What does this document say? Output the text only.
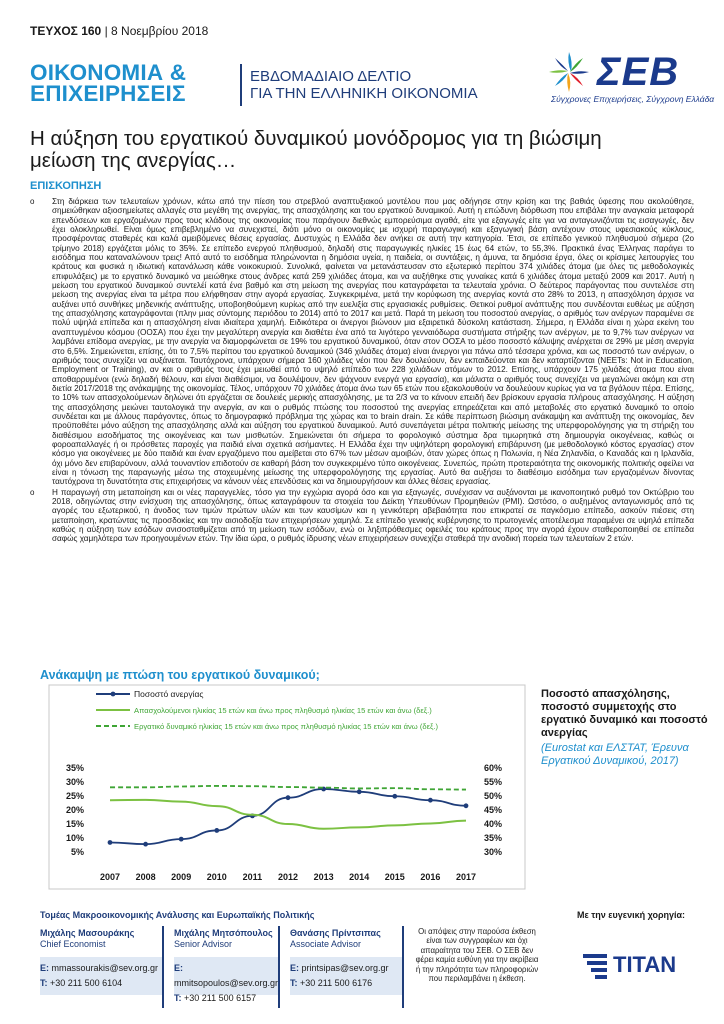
ΤΕΥΧΟΣ 160 | 8 Νοεμβρίου 2018
ΟΙΚΟΝΟΜΙΑ &
ΕΠΙΧΕΙΡΗΣΕΙΣ
ΕΒΔΟΜΑΔΙΑΙΟ ΔΕΛΤΙΟ
ΓΙΑ ΤΗΝ ΕΛΛΗΝΙΚΗ ΟΙΚΟΝΟΜΙΑ	ΣΕΒ
Σύγχρονες Επιχειρήσεις, Σύγχρονη Ελλάδα
Η αύξηση του εργατικού δυναμικού μονόδρομος για τη βιώσιμη
μείωση της ανεργίας…
ΕΠΙΣΚΟΠΗΣΗ
o Στη διάρκεια των τελευταίων χρόνων, κάτω από την πίεση του στρεβλού αναπτυξιακού μοντέλου που μας οδήγησε στην κρίση και της βαθιάς ύφεσης που ακολούθησε, σημειώθηκαν αξιοσημείωτες αλλαγές στα μεγέθη της ανεργίας, της απασχόλησης και του εργατικού δυναμικού. Αυτή η επώδυνη διόρθωση που επιβάλει την αναγκαία μεταφορά επενδύσεων και εργαζομένων προς τους κλάδους της οικονομίας που παράγουν διεθνώς εμπορεύσιμα αγαθά, είτε για εξαγωγές είτε για να ανταγωνιζόνται τις εισαγωγές, δεν έχει ολοκληρωθεί. Είναι όμως επιβεβλημένο να συνεχιστεί, διότι μόνο οι οικονομίες με ισχυρή παραγωγική και εξαγωγική βάση αντέχουν στους υφεσιακούς κύκλους, προσφέροντας σταθερές και καλά αμειβόμενες θέσεις εργασίας. Δυστυχώς η Ελλάδα δεν ανήκει σε αυτή την κατηγορία. Έτσι, σε επίπεδο γενικού πληθυσμού σήμερα (2ο τρίμηνο 2018) εργάζεται μόλις το 35%. Σε επίπεδο ενεργού πληθυσμού, δηλαδή στις παραγωγικές ηλικίες 15 έως 64 ετών, το 55,3%. Πρακτικά ένας Έλληνας παράγει το εισόδημα που καταναλώνουν τρεις! Από αυτό το εισόδημα πληρώνονται η δημόσια υγεία, η παιδεία, οι συντάξεις, η άμυνα, τα δημόσια έργα, όλες οι κρίσιμες λειτουργίες του κράτους και φυσικά η ιδιωτική κατανάλωση κάθε νοικοκυριού. Συνολικά, φαίνεται να μετανάστευσαν στο εξωτερικό περίπου 374 χιλιάδες άτομα (με όλες τις μεθοδολογικές επιφυλάξεις) με το εργατικό δυναμικό να μειώθηκε στους άνδρες κατά 259 χιλιάδες άτομα, και να αυξήθηκε στις γυναίκες κατά 6 χιλιάδες άτομα μεταξύ 2009 και 2017. Αυτή η μείωση του εργατικού δυναμικού συντελέί κατά ένα βαθμό και στη μείωση της ανεργίας που καταγράφεται τα τελευταία χρόνια. Ο δεύτερος παράγοντας που συντελέσε στη μείωση της ανεργίας είναι τα μέτρα που ελήφθησαν στην αγορά εργασίας. Συγκεκριμένα, μετά την κορύφωση της ανεργίας κοντά στο 28% το 2013, η απασχόληση άρχισε να αυξάνει υπό συνθήκες μηδενικής ανάπτυξης, υποβοηθούμενη κυρίως από την ευελιξία στις εργασιακές ρυθμίσεις. Θετικοί ρυθμοί ανάπτυξης που συνδέονται ευθέως με αύξηση της απασχόλησης καταγράφονται (πλην μιας σύντομης περιόδου το 2014) από το 2017 και μετά. Παρά τη μείωση του ποσοστού ανεργίας, ο αριθμός των ανέργων παραμένει σε πολύ υψηλά επίπεδα και η απασχόληση είναι ιδιαίτερα χαμηλή. Ειδικότερα οι άνεργοι βιώνουν μια εξαιρετικά δύσκολη κατάσταση. Σήμερα, η Ελλάδα είναι η χώρα εκείνη του αναπτυγμένου κόσμου (ΟΟΣΑ) που έχει την μεγαλύτερη ανεργία και διαθέτει ένα από τα λιγότερο γενναιόδωρα συστήματα στήριξης των ανέργων, με το 9,7% των ανέργων να λαμβάνει επίδομα ανεργίας, με την ανεργία να διαμορφώνεται σε 19% του εργατικού δυναμικού, όταν στον ΟΟΣΑ το μέσο ποσοστό κάλυψης ανέρχεται σε 29% με μέση ανεργία στο 6,5%. Σημειώνεται, επίσης, ότι το 7,5% περίπου του εργατικού δυναμικού (346 χιλιάδες άτομα) είναι άνεργοι για πάνω από τέσσερα χρόνια, και ως ποσοστό των ανέργων, ο αριθμός τους συνεχίζει να αυξάνεται. Ταυτόχρονα, υπάρχουν σήμερα 160 χιλιάδες νέοι που δεν δουλεύουν, δεν εκπαιδεύονται και δεν καταρτίζονται (NEETs: Not in Education, Employment or Training), αν και ο αριθμός τους έχει μειωθεί από το υψηλό επίπεδο των 228 χιλιάδων ατόμων το 2012. Επίσης, υπάρχουν 175 χιλιάδες άτομα που είναι αποθαρρυμένοι (ενώ δηλαδή θέλουν, και είναι διαθέσιμοι, να δουλέψουν, δεν ψάχνουν ενεργά για εργασία), και μάλιστα ο αριθμός τους συνεχίζει να μεγαλώνει ακόμη και στη διετία 2017/2018 της ανάκαμψης της οικονομίας. Τέλος, υπάρχουν 70 χιλιάδες άτομα άνω των 65 ετών που εξακολουθούν να δουλεύουν κυρίως για να τα βγάλουν πέρα. Επίσης, το 10% των απασχολούμενων δηλώνει ότι εργάζεται σε δουλειές μερικής απασχόλησης, με τα 2/3 να το κάνουν επειδή δεν βρίσκουν εργασία πλήρους απασχόλησης. Η αύξηση της απασχόλησης μειώνει ταυτολογικά την ανεργία, αν και ο ρυθμός πτώσης του ποσοστού της ανεργίας επηρεάζεται και από μεταβολές στο εργατικό δυναμικό το οποίο συνδέεται και με άλλους παράγοντες, όπως το δημογραφικό πρόβλημα της χώρας και το brain drain. Σε κάθε περίπτωση βιώσιμη ανάκαμψη και ανάπτυξη της οικονομίας, δεν προϋποθέτει μόνο αύξηση της απασχόλησης αλλά και αύξηση του εργατικού δυναμικού. Αυτό συνεπάγεται μέτρα πολιτικής μείωσης της υπερφορολόγησης για τη στήριξη του διαθέσιμου εισοδήματος της οικογένειας και των μισθωτών. Σημειώνεται ότι σήμερα το φορολογικό σύστημα δρα τιμωρητικά στη δημιουργία οικογένειας, καθώς οι φοροαπαλλαγές ή οι πρόσθετες παροχές για παιδιά είναι σχετικά ασήμαντες. Η Ελλάδα έχει την υψηλότερη φορολογική επιβάρυνση (με μεθοδολογικό κόστος εργασίας) στον κόσμο για οικογένειες με δύο παιδιά και έναν εργαζόμενο που αμείβεται στο 67% των μέσων αμοιβών, όταν χώρες όπως η Πολωνία, η Νέα Ζηλανδία, ο Καναδάς και η Ιρλανδία, όχι μόνο δεν επιβαρύνουν, αλλά τουναντίον επιδοτούν σε καθαρή βάση τον συγκεκριμένο τύπο οικογένειας. Συνεπώς, πρώτη προτεραιότητα της οικονομικής πολιτικής οφείλει να είναι η τόνωση της παραγωγής μέσω της στοχευμένης μείωσης της υπερφορολόγησης της εργασίας. Αυτό θα αυξήσει το διαθέσιμο εισόδημα των εργαζομένων δίνοντας ταυτόχρονα τη δυνατότητα στις επιχειρήσεις να κάνουν νέες επενδύσεις και να δημιουργήσουν και άλλες θέσεις εργασίας.
o Η παραγωγή στη μεταποίηση και οι νέες παραγγελίες, τόσο για την εγχώρια αγορά όσο και για εξαγωγές, συνέχισαν να αυξάνονται με ικανοποιητικό ρυθμό τον Οκτώβριο του 2018, οδηγώντας στην ενίσχυση της απασχόλησης, όπως καταγράφουν τα στοιχεία του Δείκτη Υπευθύνων Προμηθειών (PMI). Ωστόσο, ο αυξημένος ανταγωνισμός από τις αγορές του εξωτερικού, η άνοδος των τιμών πρώτων υλών και των καυσίμων και η γενικότερη αβεβαιότητα που επικρατεί σε παγκόσμιο επίπεδο, ασκούν πιέσεις στη μεταποίηση, κρατώντας τις προσδοκίες και την αισιοδοξία των επιχειρήσεων χαμηλά. Σε επίπεδο γενικής κυβέρνησης το πρωτογενές αποτέλεσμα παραμένει σε υψηλά επίπεδα καθώς η αύξηση των εσόδων ανισοσταθμίζεται από τη μείωση των εσόδων, ενώ οι ληξιπρόθεσμες οφειλές του κράτους προς την αγορά έχουν σταθεροποιηθεί σε επίπεδα σαφώς χαμηλότερα των προηγουμένων ετών. Την ίδια ώρα, ο ρυθμός ίδρυσης νέων επιχειρήσεων συνεχίζει σταθερά την ανοδική πορεία των τελευταίων 2 ετών.
Ανάκαμψη με πτώση του εργατικού δυναμικού;
35%
30%
25%
20%
15%
10%
5%
60%
55%
50%
45%
40%
35%
30%
2007 2008 2009 2010 2011 2012 2013 2014 2015 2016 2017
Ποσοστό ανεργίας
Απασχολούμενοι ηλικίας 15 ετών και άνω προς πληθυσμό ηλικίας 15 ετών και άνω (δεξ.)
Εργατικό δυναμικό ηλικίας 15 ετών και άνω προς πληθυσμό ηλικίας 15 ετών και άνω (δεξ.)
Ποσοστό απασχόλησης, ποσοστό συμμετοχής στο εργατικό δυναμικό και ποσοστό ανεργίας
(Eurostat και ΕΛΣΤΑΤ, Έρευνα Εργατικού Δυναμικού, 2017)
Τομέας Μακροοικονομικής Ανάλυσης και Ευρωπαϊκής Πολιτικής	Με την ευγενική χορηγία:
Μιχάλης Μασουράκης
Chief Economist
E: mmassourakis@sev.org.gr
T: +30 211 500 6104
Μιχάλης Μητσόπουλος
Senior Advisor
E: mmitsopoulos@sev.org.gr
T: +30 211 500 6157
Θανάσης Πρίντσιπας
Associate Advisor
E: printsipas@sev.org.gr
T: +30 211 500 6176
Οι απόψεις στην παρούσα έκθεση είναι των συγγραφέων και όχι απαραίτητα του ΣΕΒ. Ο ΣΕΒ δεν φέρει καμία ευθύνη για την ακρίβεια ή την πληρότητα των πληροφοριών που περιλαμβάνει η έκθεση.
ΤΙΤΑΝ
